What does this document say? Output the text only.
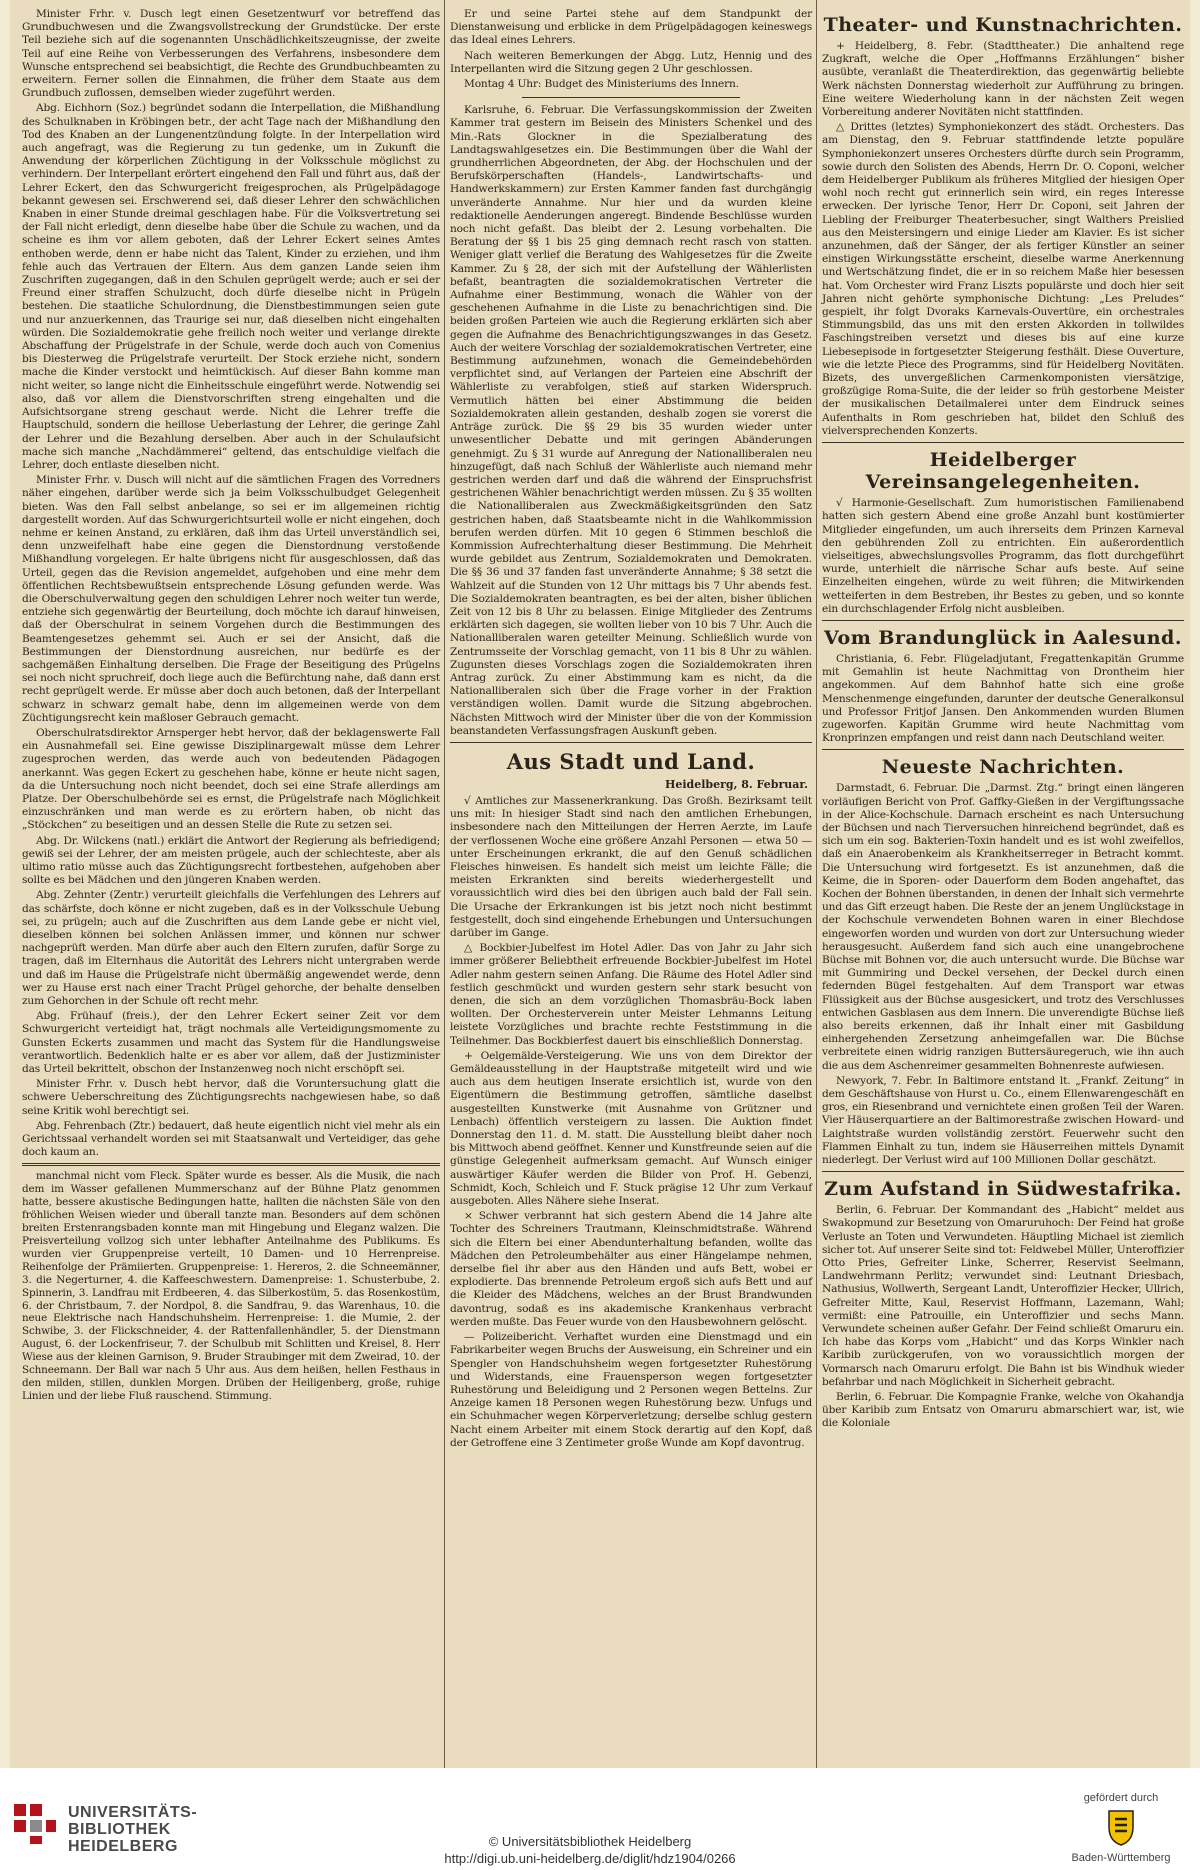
Minister Frhr. v. Dusch legt einen Gesetzentwurf vor betreffend das Grundbuchwesen und die Zwangsvollstreckung der Grundstücke. Der erste Teil beziehe sich auf die sogenannten Unschädlichkeitszeugnisse, der zweite Teil auf eine Reihe von Verbesserungen des Verfahrens, insbesondere dem Wunsche entsprechend sei beabsichtigt, die Rechte des Grundbuchbeamten zu erweitern. Ferner sollen die Einnahmen, die früher dem Staate aus dem Grundbuch zuflossen, demselben wieder zugeführt werden.

Abg. Eichhorn (Soz.) begründet sodann die Interpellation, die Mißhandlung des Schulknaben in Kröbingen betr., der acht Tage nach der Mißhandlung den Tod des Knaben an der Lungenentzündung folgte. In der Interpellation wird auch angefragt, was die Regierung zu tun gedenke, um in Zukunft die Anwendung der körperlichen Züchtigung in der Volksschule möglichst zu verhindern. Der Interpellant erörtert eingehend den Fall und führt aus, daß der Lehrer Eckert, den das Schwurgericht freigesprochen, als Prügelpädagoge bekannt gewesen sei. Erschwerend sei, daß dieser Lehrer den schwächlichen Knaben in einer Stunde dreimal geschlagen habe. Für die Volksvertretung sei der Fall nicht erledigt, denn dieselbe habe über die Schule zu wachen, und da scheine es ihm vor allem geboten, daß der Lehrer Eckert seines Amtes enthoben werde, denn er habe nicht das Talent, Kinder zu erziehen, und ihm fehle auch das Vertrauen der Eltern. Aus dem ganzen Lande seien ihm Zuschriften zugegangen, daß in den Schulen geprügelt werde; auch er sei der Freund einer straffen Schulzucht, doch dürfe dieselbe nicht in Prügeln bestehen. Die staatliche Schulordnung, die Dienstbestimmungen seien gute und nur anzuerkennen, das Traurige sei nur, daß dieselben nicht eingehalten würden. Die Sozialdemokratie gehe freilich noch weiter und verlange direkte Abschaffung der Prügelstrafe in der Schule, werde doch auch von Comenius bis Diesterweg die Prügelstrafe verurteilt. Der Stock erziehe nicht, sondern mache die Kinder verstockt und heimtückisch. Auf dieser Bahn komme man nicht weiter, so lange nicht die Einheitsschule eingeführt werde. Notwendig sei also, daß vor allem die Dienstvorschriften streng eingehalten und die Aufsichtsorgane streng geschaut werde. Nicht die Lehrer treffe die Hauptschuld, sondern die heillose Ueberlastung der Lehrer, die geringe Zahl der Lehrer und die Bezahlung derselben. Aber auch in der Schulaufsicht mache sich manche „Nachdämmerei“ geltend, das entschuldige vielfach die Lehrer, doch entlaste dieselben nicht.

Minister Frhr. v. Dusch will nicht auf die sämtlichen Fragen des Vorredners näher eingehen, darüber werde sich ja beim Volksschulbudget Gelegenheit bieten. Was den Fall selbst anbelange, so sei er im allgemeinen richtig dargestellt worden. Auf das Schwurgerichtsurteil wolle er nicht eingehen, doch nehme er keinen Anstand, zu erklären, daß ihm das Urteil unverständlich sei, denn unzweifelhaft habe eine gegen die Dienstordnung verstoßende Mißhandlung vorgelegen. Er halte übrigens nicht für ausgeschlossen, daß das Urteil, gegen das die Revision angemeldet, aufgehoben und eine mehr dem öffentlichen Rechtsbewußtsein entsprechende Lösung gefunden werde. Was die Oberschulverwaltung gegen den schuldigen Lehrer noch weiter tun werde, entziehe sich gegenwärtig der Beurteilung, doch möchte ich darauf hinweisen, daß der Oberschulrat in seinem Vorgehen durch die Bestimmungen des Beamtengesetzes gehemmt sei. Auch er sei der Ansicht, daß die Bestimmungen der Dienstordnung ausreichen, nur bedürfe es der sachgemäßen Einhaltung derselben. Die Frage der Beseitigung des Prügelns sei noch nicht spruchreif, doch liege auch die Befürchtung nahe, daß dann erst recht geprügelt werde. Er müsse aber doch auch betonen, daß der Interpellant schwarz in schwarz gemalt habe, denn im allgemeinen werde von dem Züchtigungsrecht kein maßloser Gebrauch gemacht.

Oberschulratsdirektor Arnsperger hebt hervor, daß der beklagenswerte Fall ein Ausnahmefall sei. Eine gewisse Disziplinargewalt müsse dem Lehrer zugesprochen werden, das werde auch von bedeutenden Pädagogen anerkannt. Was gegen Eckert zu geschehen habe, könne er heute nicht sagen, da die Untersuchung noch nicht beendet, doch sei eine Strafe allerdings am Platze. Der Oberschulbehörde sei es ernst, die Prügelstrafe nach Möglichkeit einzuschränken und man werde es zu erörtern haben, ob nicht das „Stöckchen“ zu beseitigen und an dessen Stelle die Rute zu setzen sei.

Abg. Dr. Wilckens (natl.) erklärt die Antwort der Regierung als befriedigend; gewiß sei der Lehrer, der am meisten prügele, auch der schlechteste, aber als ultimo ratio müsse auch das Züchtigungsrecht fortbestehen, aufgehoben aber sollte es bei Mädchen und den jüngeren Knaben werden.

Abg. Zehnter (Zentr.) verurteilt gleichfalls die Verfehlungen des Lehrers auf das schärfste, doch könne er nicht zugeben, daß es in der Volksschule Uebung sei, zu prügeln; auch auf die Zuschriften aus dem Lande gebe er nicht viel, dieselben können bei solchen Anlässen immer, und können nur schwer nachgeprüft werden. Man dürfe aber auch den Eltern zurufen, dafür Sorge zu tragen, daß im Elternhaus die Autorität des Lehrers nicht untergraben werde und daß im Hause die Prügelstrafe nicht übermäßig angewendet werde, denn wer zu Hause erst nach einer Tracht Prügel gehorche, der behalte denselben zum Gehorchen in der Schule oft recht mehr.

Abg. Frühauf (freis.), der den Lehrer Eckert seiner Zeit vor dem Schwurgericht verteidigt hat, trägt nochmals alle Verteidigungsmomente zu Gunsten Eckerts zusammen und macht das System für die Handlungsweise verantwortlich. Bedenklich halte er es aber vor allem, daß der Justizminister das Urteil bekrittelt, obschon der Instanzenweg noch nicht erschöpft sei.

Minister Frhr. v. Dusch hebt hervor, daß die Voruntersuchung glatt die schwere Ueberschreitung des Züchtigungsrechts nachgewiesen habe, so daß seine Kritik wohl berechtigt sei.

Abg. Fehrenbach (Ztr.) bedauert, daß heute eigentlich nicht viel mehr als ein Gerichtssaal verhandelt worden sei mit Staatsanwalt und Verteidiger, das gehe doch kaum an.

manchmal nicht vom Fleck. Später wurde es besser. Als die Musik, die nach dem im Wasser gefallenen Mummerschanz auf der Bühne Platz genommen hatte, bessere akustische Bedingungen hatte, hallten die nächsten Säle von den fröhlichen Weisen wieder und überall tanzte man. Besonders auf dem schönen breiten Erstenrangsbaden konnte man mit Hingebung und Eleganz walzen. Die Preisverteilung vollzog sich unter lebhafter Anteilnahme des Publikums. Es wurden vier Gruppenpreise verteilt, 10 Damen- und 10 Herrenpreise. Reihenfolge der Prämiierten. Gruppenpreise: 1. Hereros, 2. die Schneemänner, 3. die Negerturner, 4. die Kaffeeschwestern. Damenpreise: 1. Schusterbube, 2. Spinnerin, 3. Landfrau mit Erdbeeren, 4. das Silberkostüm, 5. das Rosenkostüm, 6. der Christbaum, 7. der Nordpol, 8. die Sandfrau, 9. das Warenhaus, 10. die neue Elektrische nach Handschuhsheim. Herrenpreise: 1. die Mumie, 2. der Schwibe, 3. der Flickschneider, 4. der Rattenfallenhändler, 5. der Dienstmann August, 6. der Lockenfriseur, 7. der Schulbub mit Schlitten und Kreisel, 8. Herr Wiese aus der kleinen Garnison, 9. Bruder Straubinger mit dem Zweirad, 10. der Schneemann. Der Ball war nach 5 Uhr aus. Aus dem heißen, hellen Festhaus in den milden, stillen, dunklen Morgen. Drüben der Heiligenberg, große, ruhige Linien und der liebe Fluß rauschend. Stimmung.

Er und seine Partei stehe auf dem Standpunkt der Dienstanweisung und erblicke in dem Prügelpädagogen keineswegs das Ideal eines Lehrers.

Nach weiteren Bemerkungen der Abgg. Lutz, Hennig und des Interpellanten wird die Sitzung gegen 2 Uhr geschlossen.

Montag 4 Uhr: Budget des Ministeriums des Innern.

Karlsruhe, 6. Februar. Die Verfassungskommission der Zweiten Kammer trat gestern im Beisein des Ministers Schenkel und des Min.-Rats Glockner in die Spezialberatung des Landtagswahlgesetzes ein. Die Bestimmungen über die Wahl der grundherrlichen Abgeordneten, der Abg. der Hochschulen und der Berufskörperschaften (Handels-, Landwirtschafts- und Handwerkskammern) zur Ersten Kammer fanden fast durchgängig unveränderte Annahme. Nur hier und da wurden kleine redaktionelle Aenderungen angeregt. Bindende Beschlüsse wurden noch nicht gefaßt. Das bleibt der 2. Lesung vorbehalten. Die Beratung der §§ 1 bis 25 ging demnach recht rasch von statten. Weniger glatt verlief die Beratung des Wahlgesetzes für die Zweite Kammer. Zu § 28, der sich mit der Aufstellung der Wählerlisten befaßt, beantragten die sozialdemokratischen Vertreter die Aufnahme einer Bestimmung, wonach die Wähler von der geschehenen Aufnahme in die Liste zu benachrichtigen sind. Die beiden großen Parteien wie auch die Regierung erklärten sich aber gegen die Aufnahme des Benachrichtigungszwanges in das Gesetz. Auch der weitere Vorschlag der sozialdemokratischen Vertreter, eine Bestimmung aufzunehmen, wonach die Gemeindebehörden verpflichtet sind, auf Verlangen der Parteien eine Abschrift der Wählerliste zu verabfolgen, stieß auf starken Widerspruch. Vermutlich hätten bei einer Abstimmung die beiden Sozialdemokraten allein gestanden, deshalb zogen sie vorerst die Anträge zurück. Die §§ 29 bis 35 wurden wieder unter unwesentlicher Debatte und mit geringen Abänderungen genehmigt. Zu § 31 wurde auf Anregung der Nationalliberalen neu hinzugefügt, daß nach Schluß der Wählerliste auch niemand mehr gestrichen werden darf und daß die während der Einspruchsfrist gestrichenen Wähler benachrichtigt werden müssen. Zu § 35 wollten die Nationalliberalen aus Zweckmäßigkeitsgründen den Satz gestrichen haben, daß Staatsbeamte nicht in die Wahlkommission berufen werden dürfen. Mit 10 gegen 6 Stimmen beschloß die Kommission Aufrechterhaltung dieser Bestimmung. Die Mehrheit wurde gebildet aus Zentrum, Sozialdemokraten und Demokraten. Die §§ 36 und 37 fanden fast unveränderte Annahme; § 38 setzt die Wahlzeit auf die Stunden von 12 Uhr mittags bis 7 Uhr abends fest. Die Sozialdemokraten beantragten, es bei der alten, bisher üblichen Zeit von 12 bis 8 Uhr zu belassen. Einige Mitglieder des Zentrums erklärten sich dagegen, sie wollten lieber von 10 bis 7 Uhr. Auch die Nationalliberalen waren geteilter Meinung. Schließlich wurde von Zentrumsseite der Vorschlag gemacht, von 11 bis 8 Uhr zu wählen. Zugunsten dieses Vorschlags zogen die Sozialdemokraten ihren Antrag zurück. Zu einer Abstimmung kam es nicht, da die Nationalliberalen sich über die Frage vorher in der Fraktion verständigen wollen. Damit wurde die Sitzung abgebrochen. Nächsten Mittwoch wird der Minister über die von der Kommission beanstandeten Verfassungsfragen Auskunft geben.

Aus Stadt und Land.
Heidelberg, 8. Februar.

√ Amtliches zur Massenerkrankung. Das Großh. Bezirksamt teilt uns mit: In hiesiger Stadt sind nach den amtlichen Erhebungen, insbesondere nach den Mitteilungen der Herren Aerzte, im Laufe der verflossenen Woche eine größere Anzahl Personen — etwa 50 — unter Erscheinungen erkrankt, die auf den Genuß schädlichen Fleisches hinweisen. Es handelt sich meist um leichte Fälle; die meisten Erkrankten sind bereits wiederhergestellt und voraussichtlich wird dies bei den übrigen auch bald der Fall sein. Die Ursache der Erkrankungen ist bis jetzt noch nicht bestimmt festgestellt, doch sind eingehende Erhebungen und Untersuchungen darüber im Gange.

△ Bockbier-Jubelfest im Hotel Adler. Das von Jahr zu Jahr sich immer größerer Beliebtheit erfreuende Bockbier-Jubelfest im Hotel Adler nahm gestern seinen Anfang. Die Räume des Hotel Adler sind festlich geschmückt und wurden gestern sehr stark besucht von denen, die sich an dem vorzüglichen Thomasbräu-Bock laben wollten. Der Orchesterverein unter Meister Lehmanns Leitung leistete Vorzügliches und brachte rechte Feststimmung in die Teilnehmer. Das Bockbierfest dauert bis einschließlich Donnerstag.

+ Oelgemälde-Versteigerung. Wie uns von dem Direktor der Gemäldeausstellung in der Hauptstraße mitgeteilt wird und wie auch aus dem heutigen Inserate ersichtlich ist, wurde von den Eigentümern die Bestimmung getroffen, sämtliche daselbst ausgestellten Kunstwerke (mit Ausnahme von Grützner und Lenbach) öffentlich versteigern zu lassen. Die Auktion findet Donnerstag den 11. d. M. statt. Die Ausstellung bleibt daher noch bis Mittwoch abend geöffnet. Kenner und Kunstfreunde seien auf die günstige Gelegenheit aufmerksam gemacht. Auf Wunsch einiger auswärtiger Käufer werden die Bilder von Prof. H. Gebenzi, Schmidt, Koch, Schleich und F. Stuck prägise 12 Uhr zum Verkauf ausgeboten. Alles Nähere siehe Inserat.

× Schwer verbrannt hat sich gestern Abend die 14 Jahre alte Tochter des Schreiners Trautmann, Kleinschmidtstraße. Während sich die Eltern bei einer Abendunterhaltung befanden, wollte das Mädchen den Petroleumbehälter aus einer Hängelampe nehmen, derselbe fiel ihr aber aus den Händen und aufs Bett, wobei er explodierte. Das brennende Petroleum ergoß sich aufs Bett und auf die Kleider des Mädchens, welches an der Brust Brandwunden davontrug, sodaß es ins akademische Krankenhaus verbracht werden mußte. Das Feuer wurde von den Hausbewohnern gelöscht.

— Polizeibericht. Verhaftet wurden eine Dienstmagd und ein Fabrikarbeiter wegen Bruchs der Ausweisung, ein Schreiner und ein Spengler von Handschuhsheim wegen fortgesetzter Ruhestörung und Widerstands, eine Frauensperson wegen fortgesetzter Ruhestörung und Beleidigung und 2 Personen wegen Bettelns. Zur Anzeige kamen 18 Personen wegen Ruhestörung bezw. Unfugs und ein Schuhmacher wegen Körperverletzung; derselbe schlug gestern Nacht einem Arbeiter mit einem Stock derartig auf den Kopf, daß der Getroffene eine 3 Zentimeter große Wunde am Kopf davontrug.

Theater- und Kunstnachrichten.

+ Heidelberg, 8. Febr. (Stadttheater.) Die anhaltend rege Zugkraft, welche die Oper „Hoffmanns Erzählungen“ bisher ausübte, veranlaßt die Theaterdirektion, das gegenwärtig beliebte Werk nächsten Donnerstag wiederholt zur Aufführung zu bringen. Eine weitere Wiederholung kann in der nächsten Zeit wegen Vorbereitung anderer Novitäten nicht stattfinden.

△ Drittes (letztes) Symphoniekonzert des städt. Orchesters. Das am Dienstag, den 9. Februar stattfindende letzte populäre Symphoniekonzert unseres Orchesters dürfte durch sein Programm, sowie durch den Solisten des Abends, Herrn Dr. O. Coponi, welcher dem Heidelberger Publikum als früheres Mitglied der hiesigen Oper wohl noch recht gut erinnerlich sein wird, ein reges Interesse erwecken. Der lyrische Tenor, Herr Dr. Coponi, seit Jahren der Liebling der Freiburger Theaterbesucher, singt Walthers Preislied aus den Meistersingern und einige Lieder am Klavier. Es ist sicher anzunehmen, daß der Sänger, der als fertiger Künstler an seiner einstigen Wirkungsstätte erscheint, dieselbe warme Anerkennung und Wertschätzung findet, die er in so reichem Maße hier besessen hat. Vom Orchester wird Franz Liszts populärste und doch hier seit Jahren nicht gehörte symphonische Dichtung: „Les Preludes“ gespielt, ihr folgt Dvoraks Karnevals-Ouvertüre, ein orchestrales Stimmungsbild, das uns mit den ersten Akkorden in tollwildes Faschingstreiben versetzt und dieses bis auf eine kurze Liebesepisode in fortgesetzter Steigerung festhält. Diese Ouverture, wie die letzte Piece des Programms, sind für Heidelberg Novitäten. Bizets, des unvergeßlichen Carmenkomponisten viersätzige, großzügige Roma-Suite, die der leider so früh gestorbene Meister der musikalischen Detailmalerei unter dem Eindruck seines Aufenthalts in Rom geschrieben hat, bildet den Schluß des vielversprechenden Konzerts.

Heidelberger Vereinsangelegenheiten.

√ Harmonie-Gesellschaft. Zum humoristischen Familienabend hatten sich gestern Abend eine große Anzahl bunt kostümierter Mitglieder eingefunden, um auch ihrerseits dem Prinzen Karneval den gebührenden Zoll zu entrichten. Ein außerordentlich vielseitiges, abwechslungsvolles Programm, das flott durchgeführt wurde, unterhielt die närrische Schar aufs beste. Auf seine Einzelheiten eingehen, würde zu weit führen; die Mitwirkenden wetteiferten in dem Bestreben, ihr Bestes zu geben, und so konnte ein durchschlagender Erfolg nicht ausbleiben.

Vom Brandunglück in Aalesund.

Christiania, 6. Febr. Flügeladjutant, Fregattenkapitän Grumme mit Gemahlin ist heute Nachmittag von Drontheim hier angekommen. Auf dem Bahnhof hatte sich eine große Menschenmenge eingefunden, darunter der deutsche Generalkonsul und Professor Fritjof Jansen. Den Ankommenden wurden Blumen zugeworfen. Kapitän Grumme wird heute Nachmittag vom Kronprinzen empfangen und reist dann nach Deutschland weiter.

Neueste Nachrichten.

Darmstadt, 6. Februar. Die „Darmst. Ztg.“ bringt einen längeren vorläufigen Bericht von Prof. Gaffky-Gießen in der Vergiftungssache in der Alice-Kochschule. Darnach erscheint es nach Untersuchung der Büchsen und nach Tierversuchen hinreichend begründet, daß es sich um ein sog. Bakterien-Toxin handelt und es ist wohl zweifellos, daß ein Anaerobenkeim als Krankheitserreger in Betracht kommt. Die Untersuchung wird fortgesetzt. Es ist anzunehmen, daß die Keime, die in Sporen- oder Dauerform dem Boden angehaftet, das Kochen der Bohnen überstanden, in denen der Inhalt sich vermehrte und das Gift erzeugt haben. Die Reste der an jenem Unglückstage in der Kochschule verwendeten Bohnen waren in einer Blechdose eingeworfen worden und wurden von dort zur Untersuchung wieder herausgesucht. Außerdem fand sich auch eine unangebrochene Büchse mit Bohnen vor, die auch untersucht wurde. Die Büchse war mit Gummiring und Deckel versehen, der Deckel durch einen federnden Bügel festgehalten. Auf dem Transport war etwas Flüssigkeit aus der Büchse ausgesickert, und trotz des Verschlusses entwichen Gasblasen aus dem Innern. Die unverendigte Büchse ließ also bereits erkennen, daß ihr Inhalt einer mit Gasbildung einhergehenden Zersetzung anheimgefallen war. Die Büchse verbreitete einen widrig ranzigen Buttersäuregeruch, wie ihn auch die aus dem Aschenreimer gesammelten Bohnenreste aufwiesen.

Newyork, 7. Febr. In Baltimore entstand lt. „Frankf. Zeitung“ in dem Geschäftshause von Hurst u. Co., einem Ellenwarengeschäft en gros, ein Riesenbrand und vernichtete einen großen Teil der Waren. Vier Häuserquartiere an der Baltimorestraße zwischen Howard- und Laightstraße wurden vollständig zerstört. Feuerwehr sucht den Flammen Einhalt zu tun, indem sie Häuserreihen mittels Dynamit niederlegt. Der Verlust wird auf 100 Millionen Dollar geschätzt.

Zum Aufstand in Südwestafrika.

Berlin, 6. Februar. Der Kommandant des „Habicht“ meldet aus Swakopmund zur Besetzung von Omaruruhoch: Der Feind hat große Verluste an Toten und Verwundeten. Häuptling Michael ist ziemlich sicher tot. Auf unserer Seite sind tot: Feldwebel Müller, Unteroffizier Otto Pries, Gefreiter Linke, Scherrer, Reservist Seelmann, Landwehrmann Perlitz; verwundet sind: Leutnant Driesbach, Nathusius, Wollwerth, Sergeant Landt, Unteroffizier Hecker, Ullrich, Gefreiter Mitte, Kaul, Reservist Hoffmann, Lazemann, Wahl; vermißt: eine Patrouille, ein Unteroffizier und sechs Mann. Verwundete scheinen außer Gefahr. Der Feind schließt Omaruru ein. Ich habe das Korps vom „Habicht“ und das Korps Winkler nach Karibib zurückgerufen, von wo voraussichtlich morgen der Vormarsch nach Omaruru erfolgt. Die Bahn ist bis Windhuk wieder befahrbar und nach Möglichkeit in Sicherheit gebracht.

Berlin, 6. Februar. Die Kompagnie Franke, welche von Okahandja über Karibib zum Entsatz von Omaruru abmarschiert war, ist, wie die Koloniale

UNIVERSITÄTS-
BIBLIOTHEK
HEIDELBERG
gefördert durch
Baden-Württemberg
© Universitätsbibliothek Heidelberg
http://digi.ub.uni-heidelberg.de/diglit/hdz1904/0266
